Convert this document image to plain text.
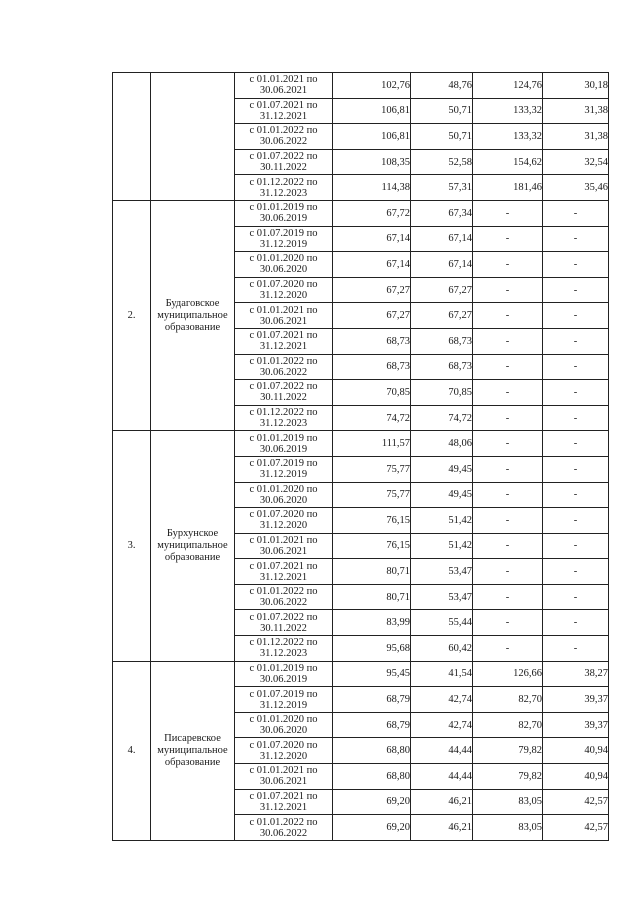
		с 01.01.2021 по 30.06.2021	102,76	48,76	124,76	30,18
		с 01.07.2021 по 31.12.2021	106,81	50,71	133,32	31,38
		с 01.01.2022 по 30.06.2022	106,81	50,71	133,32	31,38
		с 01.07.2022 по 30.11.2022	108,35	52,58	154,62	32,54
		с 01.12.2022 по 31.12.2023	114,38	57,31	181,46	35,46
2.	Будаговское муниципальное образование	с 01.01.2019 по 30.06.2019	67,72	67,34	-	-
		с 01.07.2019 по 31.12.2019	67,14	67,14	-	-
		с 01.01.2020 по 30.06.2020	67,14	67,14	-	-
		с 01.07.2020 по 31.12.2020	67,27	67,27	-	-
		с 01.01.2021 по 30.06.2021	67,27	67,27	-	-
		с 01.07.2021 по 31.12.2021	68,73	68,73	-	-
		с 01.01.2022 по 30.06.2022	68,73	68,73	-	-
		с 01.07.2022 по 30.11.2022	70,85	70,85	-	-
		с 01.12.2022 по 31.12.2023	74,72	74,72	-	-
3.	Бурхунское муниципальное образование	с 01.01.2019 по 30.06.2019	111,57	48,06	-	-
		с 01.07.2019 по 31.12.2019	75,77	49,45	-	-
		с 01.01.2020 по 30.06.2020	75,77	49,45	-	-
		с 01.07.2020 по 31.12.2020	76,15	51,42	-	-
		с 01.01.2021 по 30.06.2021	76,15	51,42	-	-
		с 01.07.2021 по 31.12.2021	80,71	53,47	-	-
		с 01.01.2022 по 30.06.2022	80,71	53,47	-	-
		с 01.07.2022 по 30.11.2022	83,99	55,44	-	-
		с 01.12.2022 по 31.12.2023	95,68	60,42	-	-
4.	Писаревское муниципальное образование	с 01.01.2019 по 30.06.2019	95,45	41,54	126,66	38,27
		с 01.07.2019 по 31.12.2019	68,79	42,74	82,70	39,37
		с 01.01.2020 по 30.06.2020	68,79	42,74	82,70	39,37
		с 01.07.2020 по 31.12.2020	68,80	44,44	79,82	40,94
		с 01.01.2021 по 30.06.2021	68,80	44,44	79,82	40,94
		с 01.07.2021 по 31.12.2021	69,20	46,21	83,05	42,57
		с 01.01.2022 по 30.06.2022	69,20	46,21	83,05	42,57
